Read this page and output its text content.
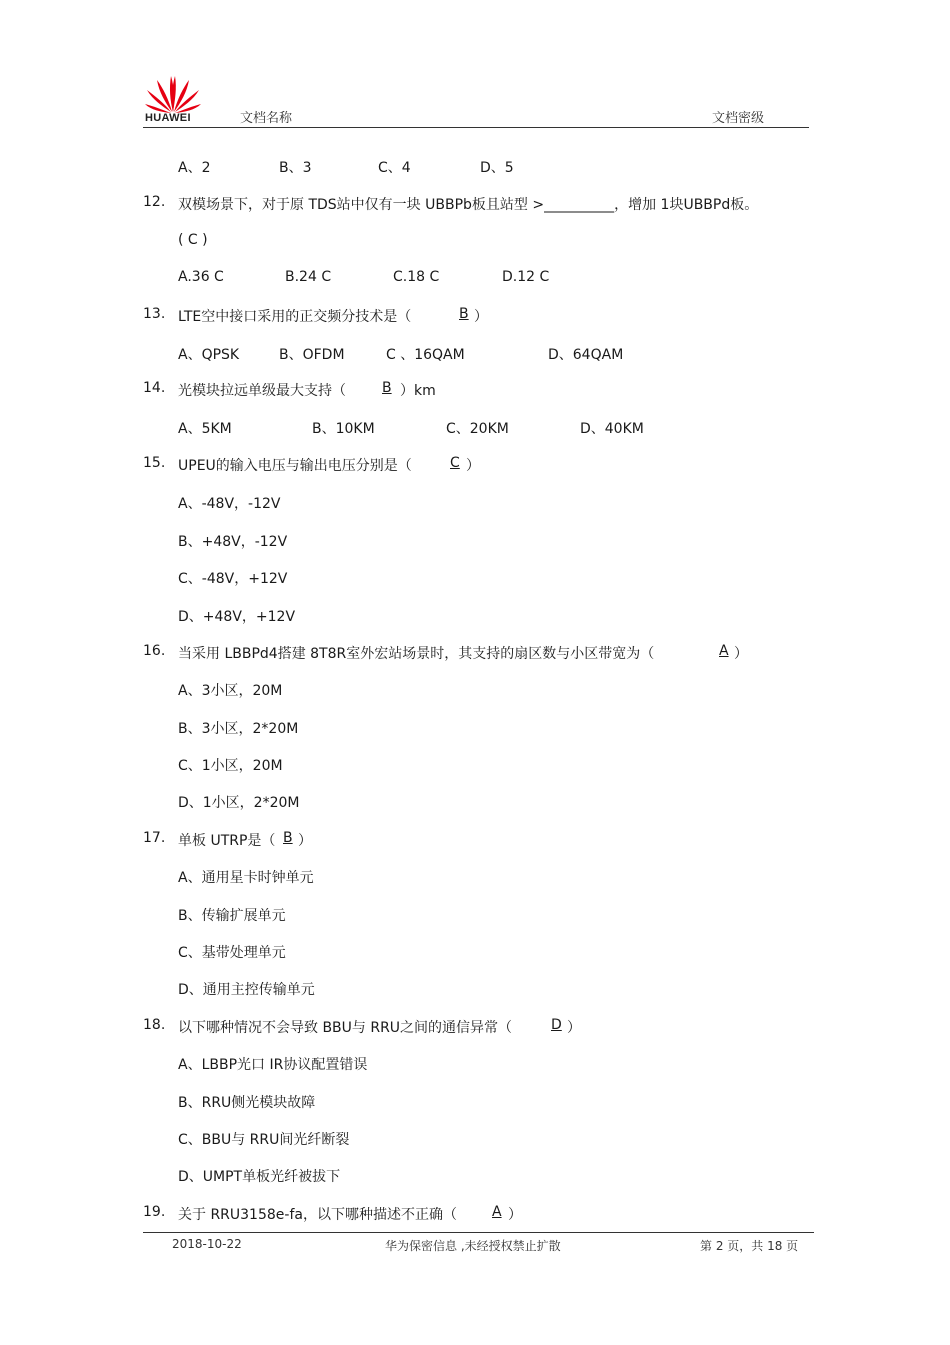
HUAWEI	文档名称	文档密级
A、2	B、3	C、4	D、5
12. 双模场景下，对于原 TDS站中仅有一块 UBBPb板且站型 >__________，增加 1块UBBPd板。
( C )
A.36 C	B.24 C	C.18 C	D.12 C
13. LTE空中接口采用的正交频分技术是（	B ）
A、QPSK	B、OFDM	C 、16QAM	D、64QAM
14. 光模块拉远单级最大支持（	B ）km
A、5KM	B、10KM	C、20KM	D、40KM
15. UPEU的输入电压与输出电压分别是（	C ）
A、-48V，-12V
B、+48V，-12V
C、-48V，+12V
D、+48V，+12V
16. 当采用 LBBPd4搭建 8T8R室外宏站场景时，其支持的扇区数与小区带宽为（	A ）
A、3小区，20M
B、3小区，2*20M
C、1小区，20M
D、1小区，2*20M
17. 单板 UTRP是（ B ）
A、通用星卡时钟单元
B、传输扩展单元
C、基带处理单元
D、通用主控传输单元
18. 以下哪种情况不会导致 BBU与 RRU之间的通信异常（	D ）
A、LBBP光口 IR协议配置错误
B、RRU侧光模块故障
C、BBU与 RRU间光纤断裂
D、UMPT单板光纤被拔下
19. 关于 RRU3158e-fa，以下哪种描述不正确（	A ）
2018-10-22	华为保密信息 ,未经授权禁止扩散	第 2 页，共 18 页
